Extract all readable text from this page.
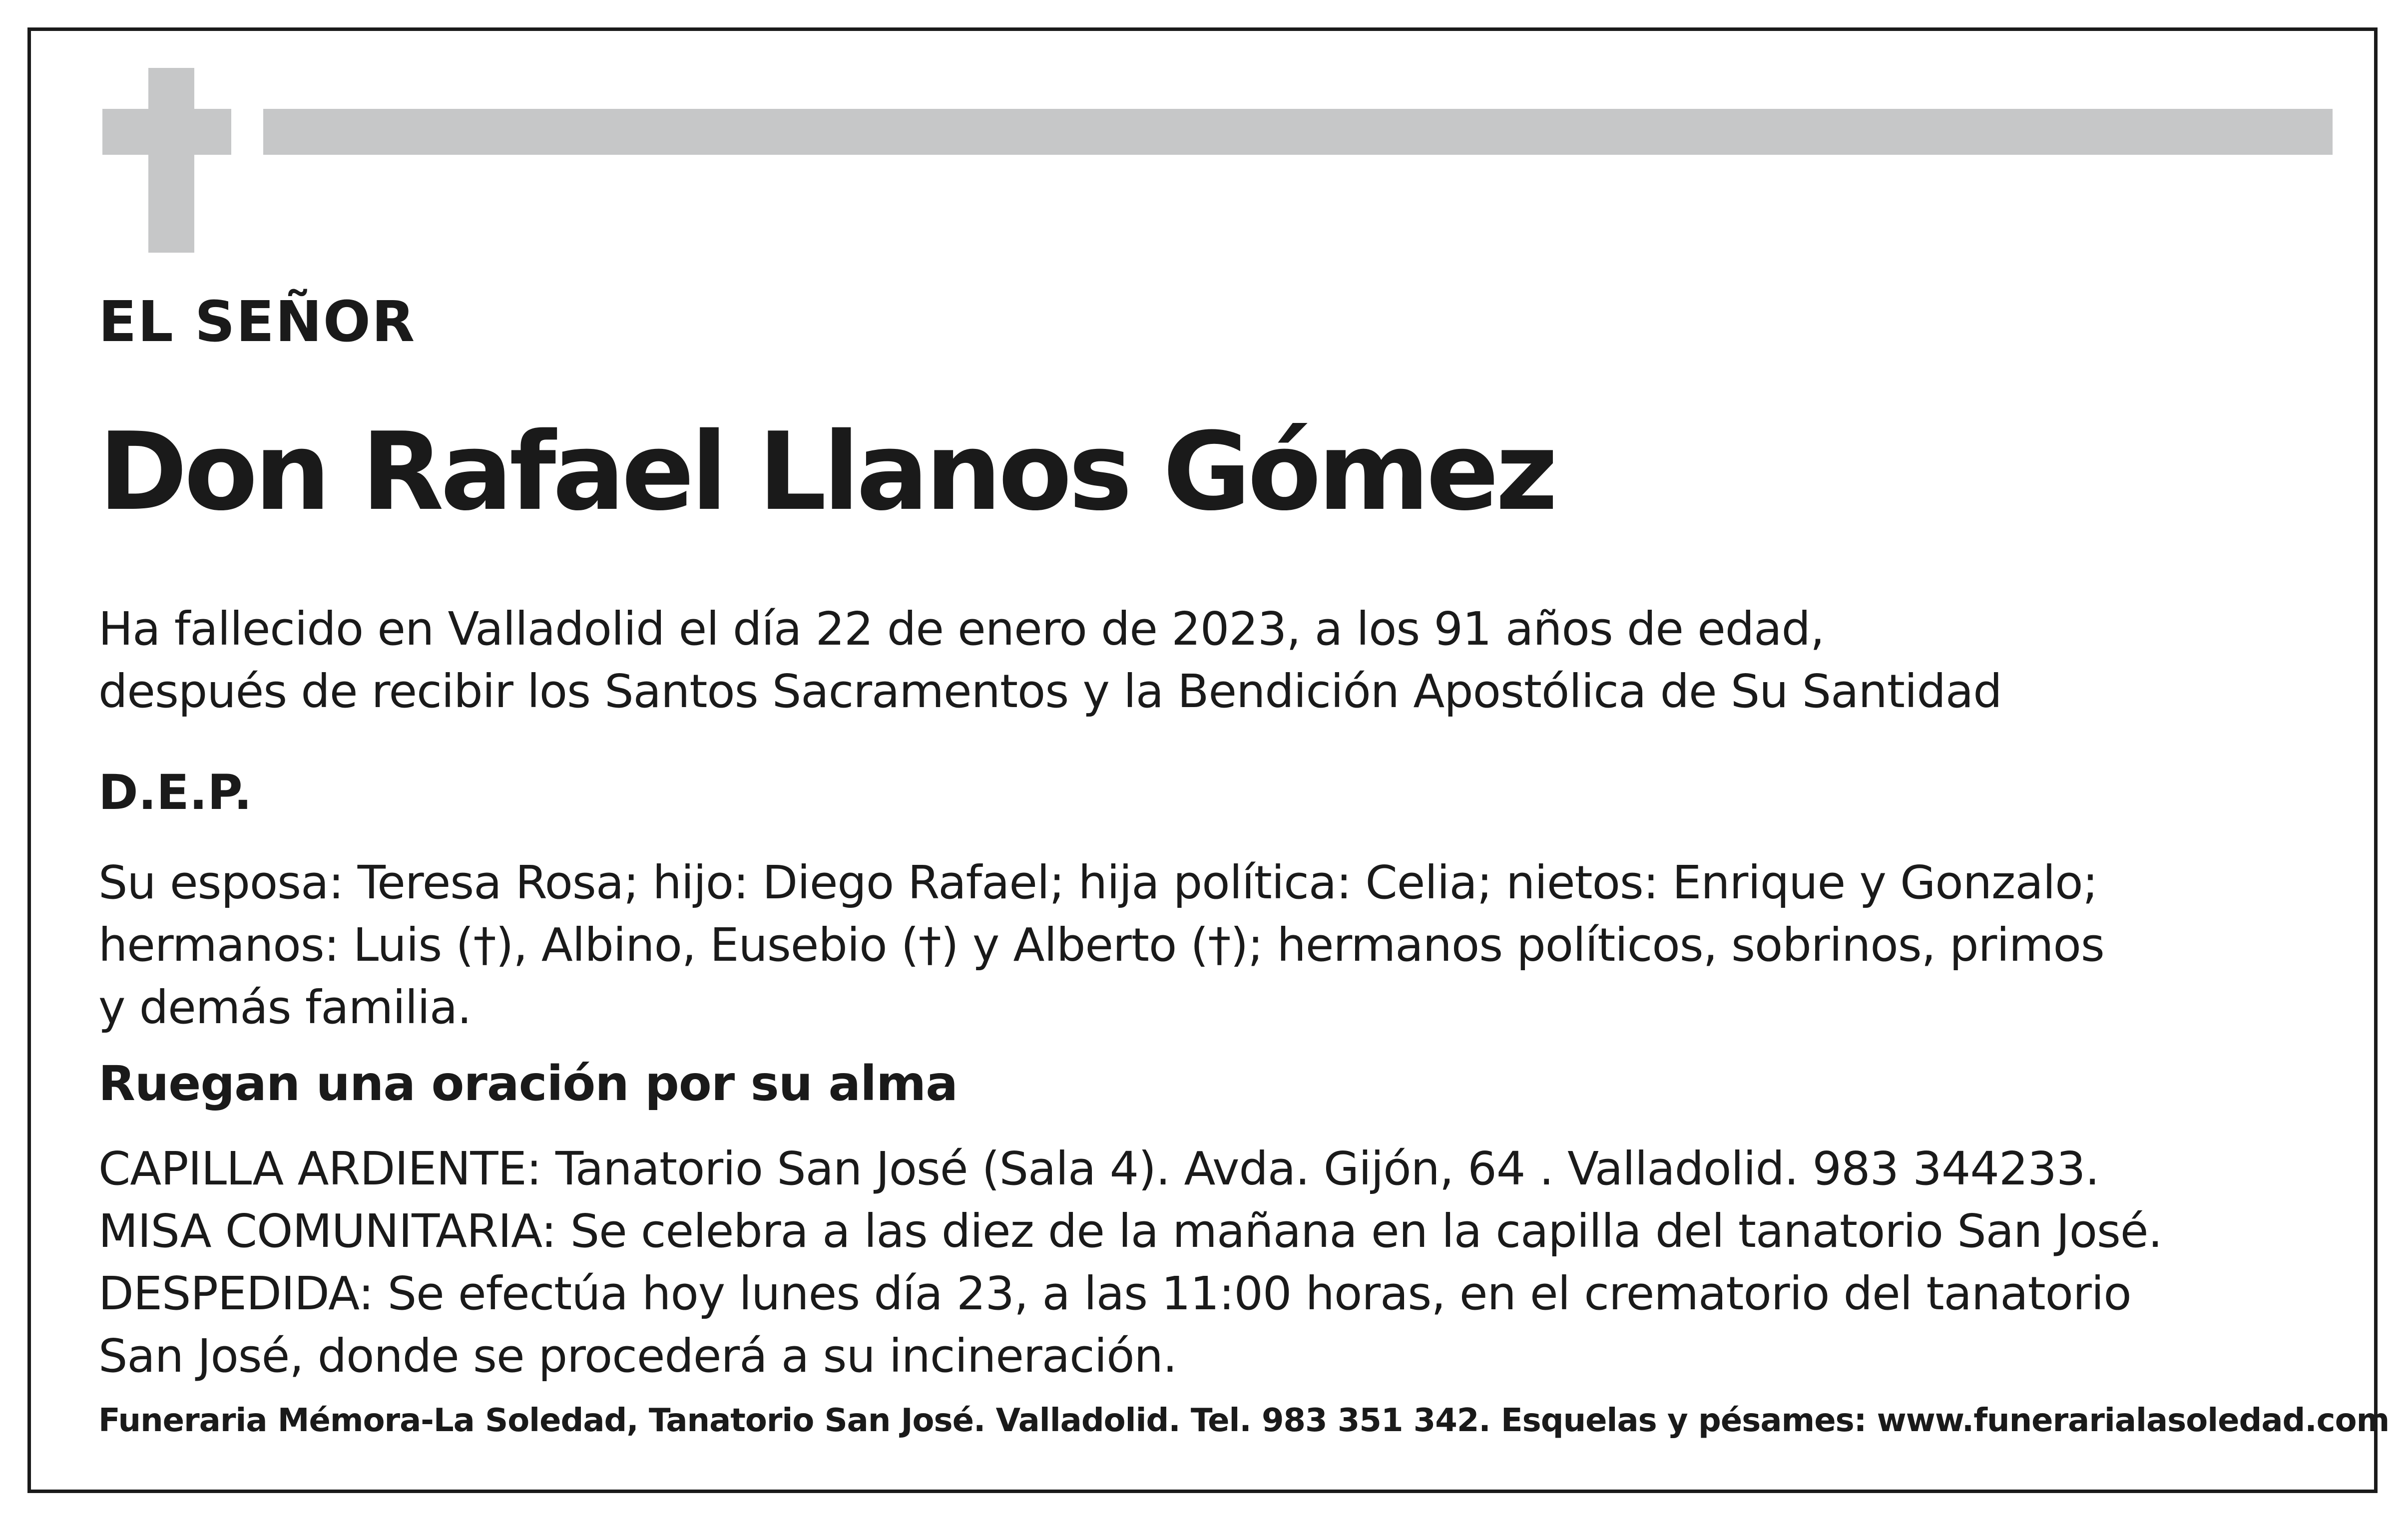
EL SEÑOR

Don Rafael Llanos Gómez

Ha fallecido en Valladolid el día 22 de enero de 2023, a los 91 años de edad,

después de recibir los Santos Sacramentos y la Bendición Apostólica de Su Santidad

D.E.P.

Su esposa: Teresa Rosa; hijo: Diego Rafael; hija política: Celia; nietos: Enrique y Gonzalo;

hermanos: Luis (†), Albino, Eusebio (†) y Alberto (†); hermanos políticos, sobrinos, primos

y demás familia.

Ruegan una oración por su alma

CAPILLA ARDIENTE: Tanatorio San José (Sala 4). Avda. Gijón, 64 . Valladolid. 983 344233.

MISA COMUNITARIA: Se celebra a las diez de la mañana en la capilla del tanatorio San José.

DESPEDIDA: Se efectúa hoy lunes día 23, a las 11:00 horas, en el crematorio del tanatorio

San José, donde se procederá a su incineración.

Funeraria Mémora-La Soledad, Tanatorio San José. Valladolid. Tel. 983 351 342. Esquelas y pésames: www.funerarialasoledad.com
